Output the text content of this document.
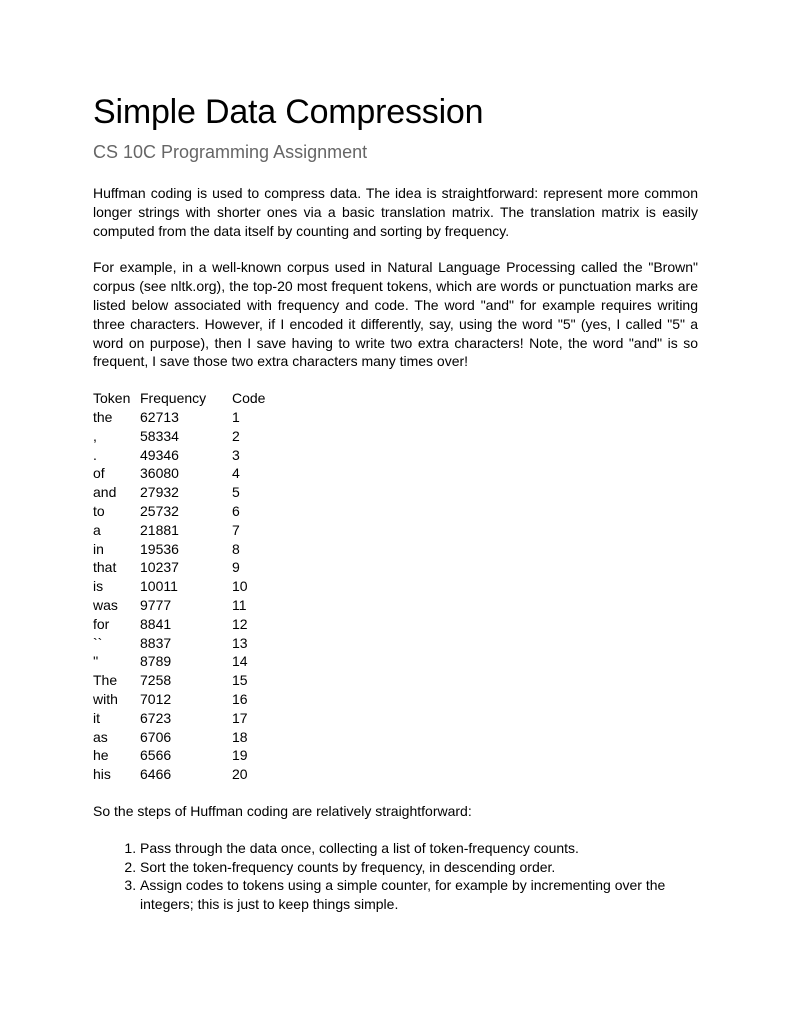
Simple Data Compression
CS 10C Programming Assignment

Huffman coding is used to compress data. The idea is straightforward: represent more common longer strings with shorter ones via a basic translation matrix. The translation matrix is easily computed from the data itself by counting and sorting by frequency.

For example, in a well-known corpus used in Natural Language Processing called the "Brown" corpus (see nltk.org), the top-20 most frequent tokens, which are words or punctuation marks are listed below associated with frequency and code. The word "and" for example requires writing three characters. However, if I encoded it differently, say, using the word "5" (yes, I called "5" a word on purpose), then I save having to write two extra characters! Note, the word "and" is so frequent, I save those two extra characters many times over!

Token	Frequency	Code
the	62713	1
,	58334	2
.	49346	3
of	36080	4
and	27932	5
to	25732	6
a	21881	7
in	19536	8
that	10237	9
is	10011	10
was	9777	11
for	8841	12
``	8837	13
''	8789	14
The	7258	15
with	7012	16
it	6723	17
as	6706	18
he	6566	19
his	6466	20

So the steps of Huffman coding are relatively straightforward:

1. Pass through the data once, collecting a list of token-frequency counts.
2. Sort the token-frequency counts by frequency, in descending order.
3. Assign codes to tokens using a simple counter, for example by incrementing over the integers; this is just to keep things simple.
